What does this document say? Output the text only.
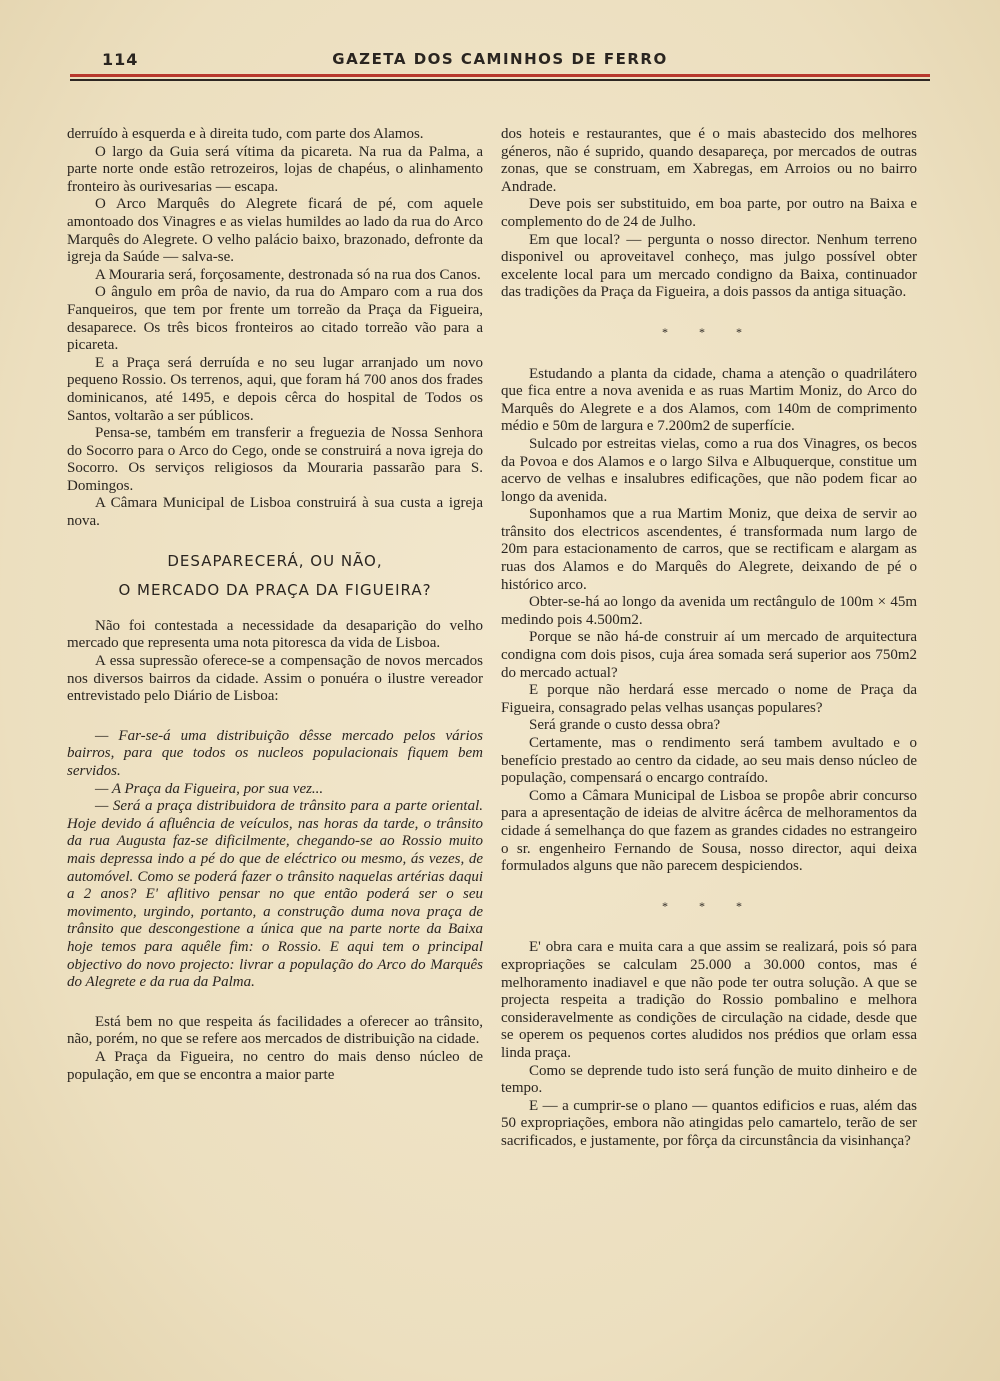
114	GAZETA DOS CAMINHOS DE FERRO

derruído à esquerda e à direita tudo, com parte dos Alamos.

O largo da Guia será vítima da picareta. Na rua da Palma, a parte norte onde estão retrozeiros, lojas de chapéus, o alinhamento fronteiro às ourivesarias — escapa.

O Arco Marquês do Alegrete ficará de pé, com aquele amontoado dos Vinagres e as vielas humildes ao lado da rua do Arco Marquês do Alegrete. O velho palácio baixo, brazonado, defronte da igreja da Saúde — salva-se.

A Mouraria será, forçosamente, destronada só na rua dos Canos.

O ângulo em prôa de navio, da rua do Amparo com a rua dos Fanqueiros, que tem por frente um torreão da Praça da Figueira, desaparece. Os três bicos fronteiros ao citado torreão vão para a picareta.

E a Praça será derruída e no seu lugar arranjado um novo pequeno Rossio. Os terrenos, aqui, que foram há 700 anos dos frades dominicanos, até 1495, e depois cêrca do hospital de Todos os Santos, voltarão a ser públicos.

Pensa-se, também em transferir a freguezia de Nossa Senhora do Socorro para o Arco do Cego, onde se construirá a nova igreja do Socorro. Os serviços religiosos da Mouraria passarão para S. Domingos.

A Câmara Municipal de Lisboa construirá à sua custa a igreja nova.

DESAPARECERÁ, OU NÃO,

O MERCADO DA PRAÇA DA FIGUEIRA?

Não foi contestada a necessidade da desaparição do velho mercado que representa uma nota pitoresca da vida de Lisboa.

A essa supressão oferece-se a compensação de novos mercados nos diversos bairros da cidade. Assim o ponuéra o ilustre vereador entrevistado pelo Diário de Lisboa:

— Far-se-á uma distribuição dêsse mercado pelos vários bairros, para que todos os nucleos populacionais fiquem bem servidos.

— A Praça da Figueira, por sua vez...

— Será a praça distribuidora de trânsito para a parte oriental. Hoje devido á afluência de veículos, nas horas da tarde, o trânsito da rua Augusta faz-se dificilmente, chegando-se ao Rossio muito mais depressa indo a pé do que de eléctrico ou mesmo, ás vezes, de automóvel. Como se poderá fazer o trânsito naquelas artérias daqui a 2 anos? E' aflitivo pensar no que então poderá ser o seu movimento, urgindo, portanto, a construção duma nova praça de trânsito que descongestione a única que na parte norte da Baixa hoje temos para aquêle fim: o Rossio. E aqui tem o principal objectivo do novo projecto: livrar a população do Arco do Marquês do Alegrete e da rua da Palma.

Está bem no que respeita ás facilidades a oferecer ao trânsito, não, porém, no que se refere aos mercados de distribuição na cidade.

A Praça da Figueira, no centro do mais denso núcleo de população, em que se encontra a maior parte

dos hoteis e restaurantes, que é o mais abastecido dos melhores géneros, não é suprido, quando desapareça, por mercados de outras zonas, que se construam, em Xabregas, em Arroios ou no bairro Andrade.

Deve pois ser substituido, em boa parte, por outro na Baixa e complemento do de 24 de Julho.

Em que local? — pergunta o nosso director. Nenhum terreno disponivel ou aproveitavel conheço, mas julgo possível obter excelente local para um mercado condigno da Baixa, continuador das tradições da Praça da Figueira, a dois passos da antiga situação.

* * *

Estudando a planta da cidade, chama a atenção o quadrilátero que fica entre a nova avenida e as ruas Martim Moniz, do Arco do Marquês do Alegrete e a dos Alamos, com 140m de comprimento médio e 50m de largura e 7.200m2 de superfície.

Sulcado por estreitas vielas, como a rua dos Vinagres, os becos da Povoa e dos Alamos e o largo Silva e Albuquerque, constitue um acervo de velhas e insalubres edificações, que não podem ficar ao longo da avenida.

Suponhamos que a rua Martim Moniz, que deixa de servir ao trânsito dos electricos ascendentes, é transformada num largo de 20m para estacionamento de carros, que se rectificam e alargam as ruas dos Alamos e do Marquês do Alegrete, deixando de pé o histórico arco.

Obter-se-há ao longo da avenida um rectângulo de 100m × 45m medindo pois 4.500m2.

Porque se não há-de construir aí um mercado de arquitectura condigna com dois pisos, cuja área somada será superior aos 750m2 do mercado actual?

E porque não herdará esse mercado o nome de Praça da Figueira, consagrado pelas velhas usanças populares?

Será grande o custo dessa obra?

Certamente, mas o rendimento será tambem avultado e o benefício prestado ao centro da cidade, ao seu mais denso núcleo de população, compensará o encargo contraído.

Como a Câmara Municipal de Lisboa se propôe abrir concurso para a apresentação de ideias de alvitre ácêrca de melhoramentos da cidade á semelhança do que fazem as grandes cidades no estrangeiro o sr. engenheiro Fernando de Sousa, nosso director, aqui deixa formulados alguns que não parecem despiciendos.

* * *

E' obra cara e muita cara a que assim se realizará, pois só para expropriações se calculam 25.000 a 30.000 contos, mas é melhoramento inadiavel e que não pode ter outra solução. A que se projecta respeita a tradição do Rossio pombalino e melhora consideravelmente as condições de circulação na cidade, desde que se operem os pequenos cortes aludidos nos prédios que orlam essa linda praça.

Como se deprende tudo isto será função de muito dinheiro e de tempo.

E — a cumprir-se o plano — quantos edificios e ruas, além das 50 expropriações, embora não atingidas pelo camartelo, terão de ser sacrificados, e justamente, por fôrça da circunstância da visinhança?
